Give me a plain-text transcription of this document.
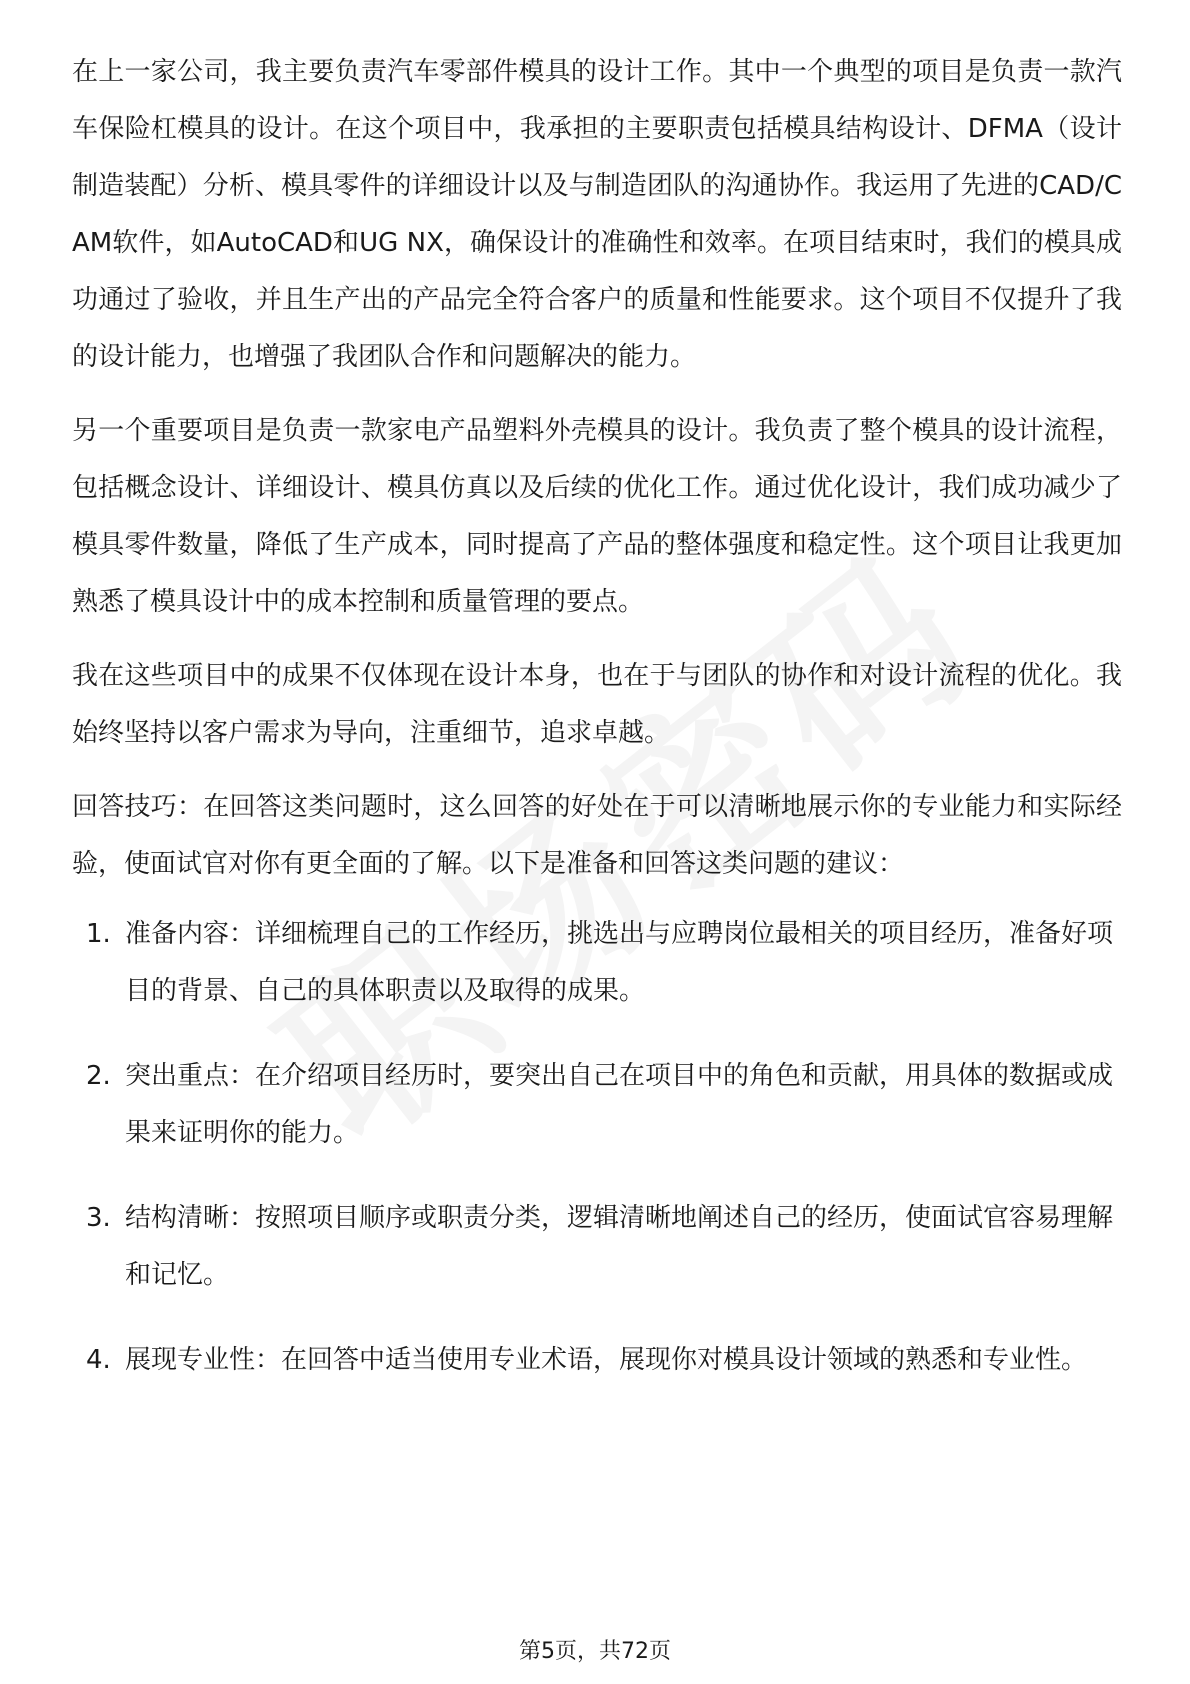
在上一家公司，我主要负责汽车零部件模具的设计工作。其中一个典型的项目是负责一款汽车保险杠模具的设计。在这个项目中，我承担的主要职责包括模具结构设计、DFMA（设计制造装配）分析、模具零件的详细设计以及与制造团队的沟通协作。我运用了先进的CAD/CAM软件，如AutoCAD和UG NX，确保设计的准确性和效率。在项目结束时，我们的模具成功通过了验收，并且生产出的产品完全符合客户的质量和性能要求。这个项目不仅提升了我的设计能力，也增强了我团队合作和问题解决的能力。

另一个重要项目是负责一款家电产品塑料外壳模具的设计。我负责了整个模具的设计流程，包括概念设计、详细设计、模具仿真以及后续的优化工作。通过优化设计，我们成功减少了模具零件数量，降低了生产成本，同时提高了产品的整体强度和稳定性。这个项目让我更加熟悉了模具设计中的成本控制和质量管理的要点。

我在这些项目中的成果不仅体现在设计本身，也在于与团队的协作和对设计流程的优化。我始终坚持以客户需求为导向，注重细节，追求卓越。

回答技巧：在回答这类问题时，这么回答的好处在于可以清晰地展示你的专业能力和实际经验，使面试官对你有更全面的了解。以下是准备和回答这类问题的建议：

1. 准备内容：详细梳理自己的工作经历，挑选出与应聘岗位最相关的项目经历，准备好项目的背景、自己的具体职责以及取得的成果。
2. 突出重点：在介绍项目经历时，要突出自己在项目中的角色和贡献，用具体的数据或成果来证明你的能力。
3. 结构清晰：按照项目顺序或职责分类，逻辑清晰地阐述自己的经历，使面试官容易理解和记忆。
4. 展现专业性：在回答中适当使用专业术语，展现你对模具设计领域的熟悉和专业性。
第5页，共72页
